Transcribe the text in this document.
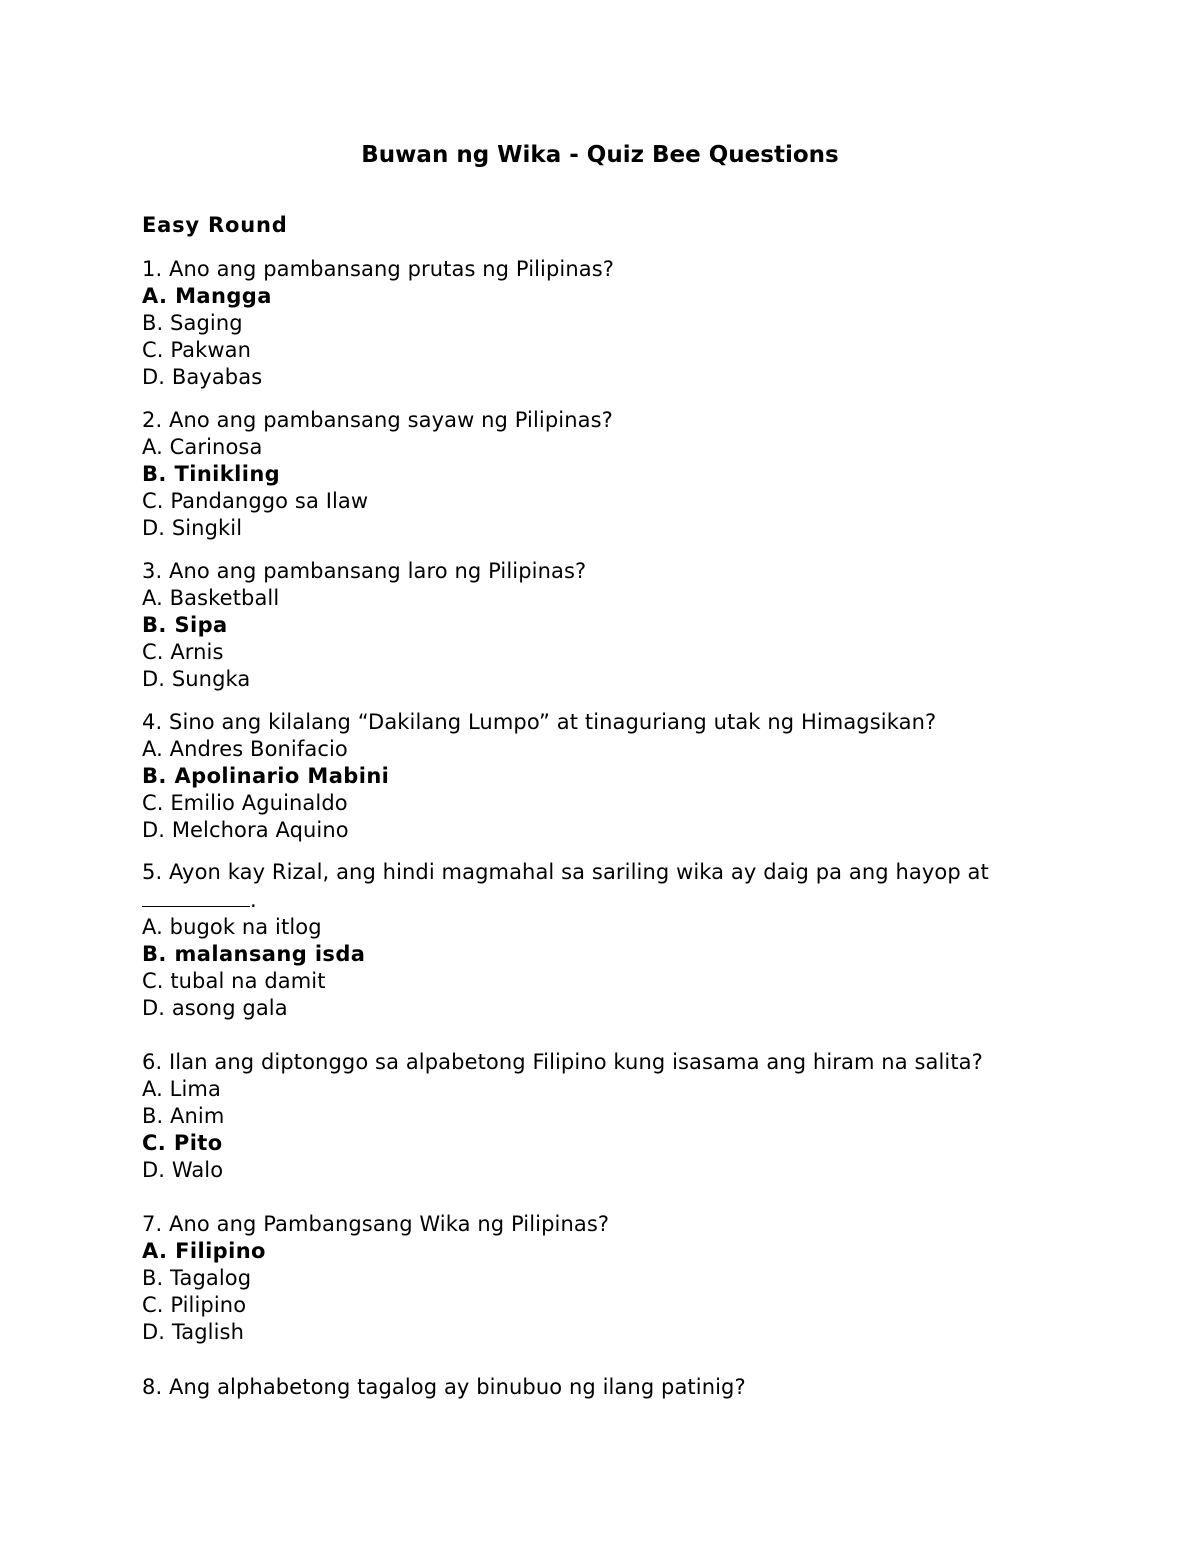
Buwan ng Wika - Quiz Bee Questions
Easy Round
1. Ano ang pambansang prutas ng Pilipinas?
A. Mangga
B. Saging
C. Pakwan
D. Bayabas
2. Ano ang pambansang sayaw ng Pilipinas?
A. Carinosa
B. Tinikling
C. Pandanggo sa Ilaw
D. Singkil
3. Ano ang pambansang laro ng Pilipinas?
A. Basketball
B. Sipa
C. Arnis
D. Sungka
4. Sino ang kilalang “Dakilang Lumpo” at tinaguriang utak ng Himagsikan?
A. Andres Bonifacio
B. Apolinario Mabini
C. Emilio Aguinaldo
D. Melchora Aquino
5. Ayon kay Rizal, ang hindi magmahal sa sariling wika ay daig pa ang hayop at
.
A. bugok na itlog
B. malansang isda
C. tubal na damit
D. asong gala
6. Ilan ang diptonggo sa alpabetong Filipino kung isasama ang hiram na salita?
A. Lima
B. Anim
C. Pito
D. Walo
7. Ano ang Pambangsang Wika ng Pilipinas?
A. Filipino
B. Tagalog
C. Pilipino
D. Taglish
8. Ang alphabetong tagalog ay binubuo ng ilang patinig?
